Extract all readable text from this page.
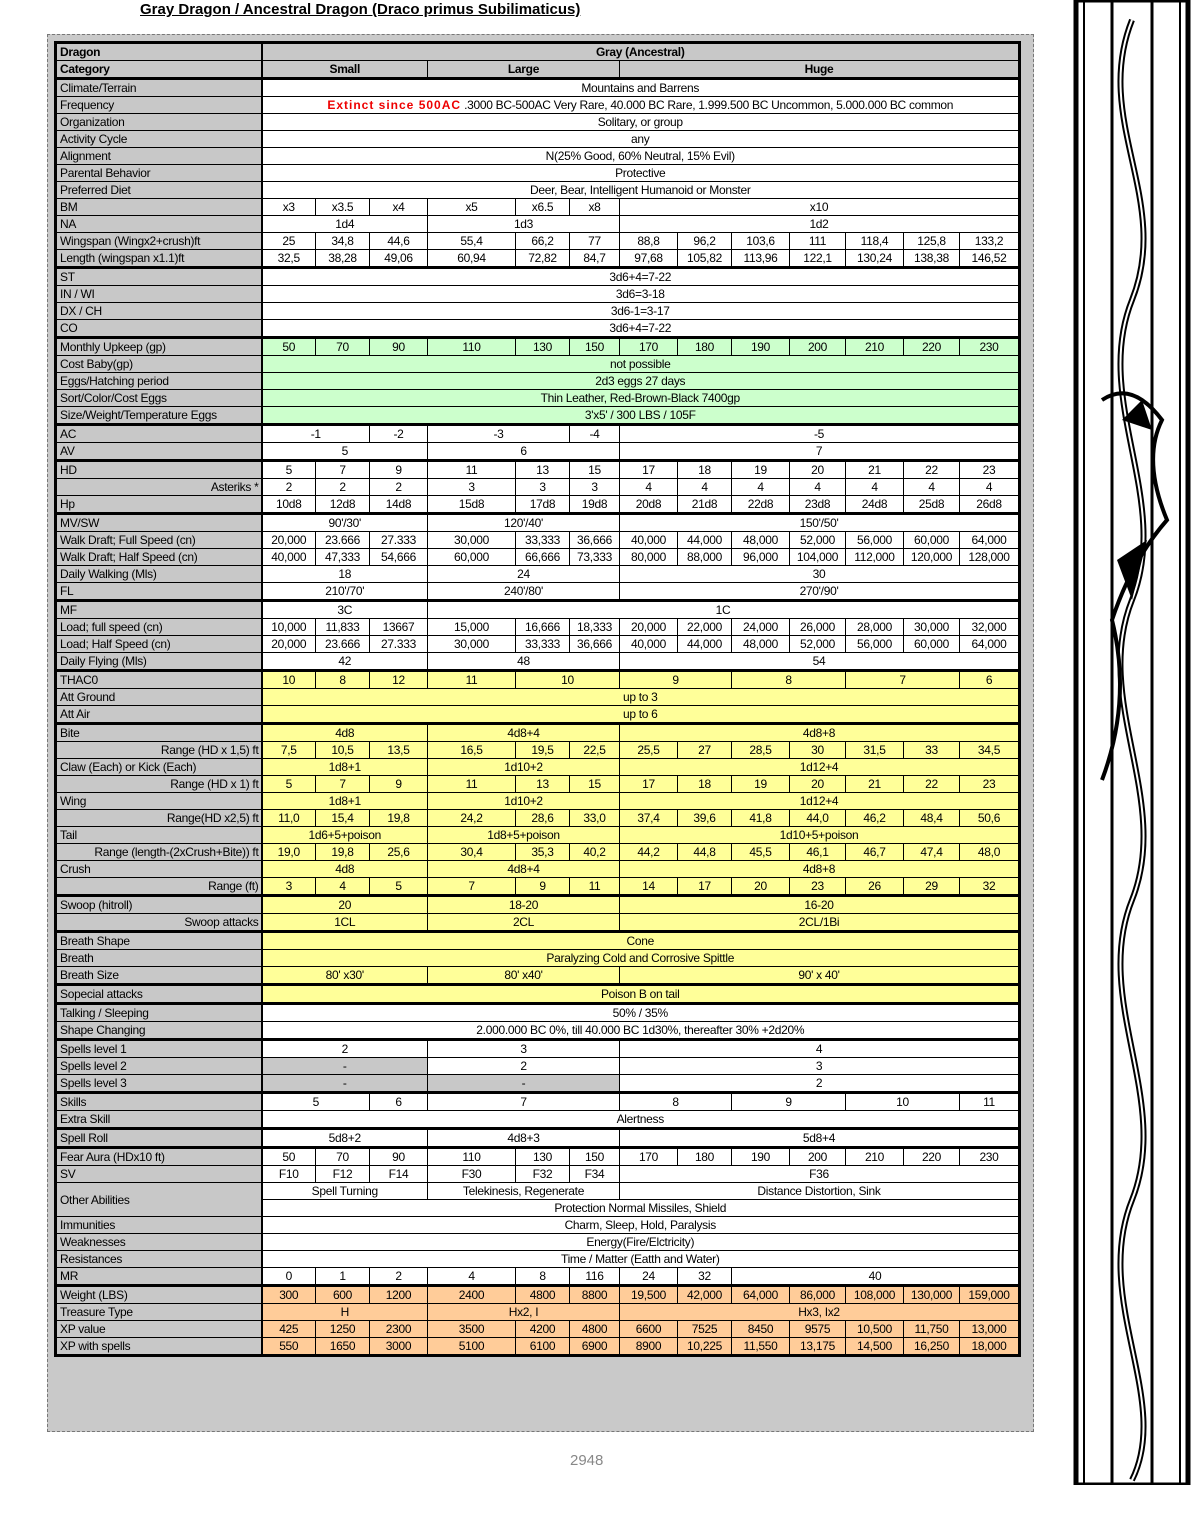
Gray Dragon / Ancestral Dragon (Draco primus Subilimaticus)
Dragon	Gray (Ancestral)												
Category	Small			Large			Huge						
Climate/Terrain	Mountains and Barrens												
Frequency	Extinct since 500AC .3000 BC-500AC Very Rare, 40.000 BC Rare, 1.999.500 BC Uncommon, 5.000.000 BC common												
Organization	Solitary, or group												
Activity Cycle	any												
Alignment	N(25% Good, 60% Neutral, 15% Evil)												
Parental Behavior	Protective												
Preferred Diet	Deer, Bear, Intelligent Humanoid or Monster												
BM	x3	x3.5	x4	x5	x6.5	x8	x10						
NA	1d4			1d3			1d2						
Wingspan (Wingx2+crush)ft	25	34,8	44,6	55,4	66,2	77	88,8	96,2	103,6	111	118,4	125,8	133,2
Length (wingspan x1.1)ft	32,5	38,28	49,06	60,94	72,82	84,7	97,68	105,82	113,96	122,1	130,24	138,38	146,52
ST	3d6+4=7-22												
IN / WI	3d6=3-18												
DX / CH	3d6-1=3-17												
CO	3d6+4=7-22												
Monthly Upkeep (gp)	50	70	90	110	130	150	170	180	190	200	210	220	230
Cost Baby(gp)	not possible												
Eggs/Hatching period	2d3 eggs 27 days												
Sort/Color/Cost Eggs	Thin Leather, Red-Brown-Black 7400gp												
Size/Weight/Temperature Eggs	3'x5' / 300 LBS / 105F												
AC	-1		-2	-3		-4	-5						
AV	5			6			7						
HD	5	7	9	11	13	15	17	18	19	20	21	22	23
Asteriks *	2	2	2	3	3	3	4	4	4	4	4	4	4
Hp	10d8	12d8	14d8	15d8	17d8	19d8	20d8	21d8	22d8	23d8	24d8	25d8	26d8
MV/SW	90'/30'			120'/40'			150'/50'						
Walk Draft; Full Speed (cn)	20,000	23.666	27.333	30,000	33,333	36,666	40,000	44,000	48,000	52,000	56,000	60,000	64,000
Walk Draft; Half Speed (cn)	40,000	47,333	54,666	60,000	66,666	73,333	80,000	88,000	96,000	104,000	112,000	120,000	128,000
Daily Walking (Mls)	18			24			30						
FL	210'/70'			240'/80'			270'/90'						
MF	3C			1C									
Load; full speed (cn)	10,000	11,833	13667	15,000	16,666	18,333	20,000	22,000	24,000	26,000	28,000	30,000	32,000
Load; Half Speed (cn)	20,000	23.666	27.333	30,000	33,333	36,666	40,000	44,000	48,000	52,000	56,000	60,000	64,000
Daily Flying (Mls)	42			48			54						
THAC0	10	8	12	11	10		9		8		7		6
Att Ground	up to 3												
Att Air	up to 6												
Bite	4d8			4d8+4			4d8+8						
Range (HD x 1,5) ft	7,5	10,5	13,5	16,5	19,5	22,5	25,5	27	28,5	30	31,5	33	34,5
Claw (Each) or Kick (Each)	1d8+1			1d10+2			1d12+4						
Range (HD x 1) ft	5	7	9	11	13	15	17	18	19	20	21	22	23
Wing	1d8+1			1d10+2			1d12+4						
Range(HD x2,5) ft	11,0	15,4	19,8	24,2	28,6	33,0	37,4	39,6	41,8	44,0	46,2	48,4	50,6
Tail	1d6+5+poison			1d8+5+poison			1d10+5+poison						
Range (length-(2xCrush+Bite)) ft	19,0	19,8	25,6	30,4	35,3	40,2	44,2	44,8	45,5	46,1	46,7	47,4	48,0
Crush	4d8			4d8+4			4d8+8						
Range (ft)	3	4	5	7	9	11	14	17	20	23	26	29	32
Swoop (hitroll)	20			18-20			16-20						
Swoop attacks	1CL			2CL			2CL/1Bi						
Breath Shape	Cone												
Breath	Paralyzing Cold and Corrosive Spittle												
Breath Size	80' x30'			80' x40'			90' x 40'						
Sopecial attacks	Poison B on tail												
Talking / Sleeping	50% / 35%												
Shape Changing	2.000.000 BC 0%, till 40.000 BC 1d30%, thereafter 30% +2d20%												
Spells level 1	2			3			4						
Spells level 2	-			2			3						
Spells level 3	-			-			2						
Skills	5		6	7			8		9		10		11
Extra Skill	Alertness												
Spell Roll	5d8+2			4d8+3			5d8+4						
Fear Aura (HDx10 ft)	50	70	90	110	130	150	170	180	190	200	210	220	230
SV	F10	F12	F14	F30	F32	F34	F36						
Other Abilities	Spell Turning			Telekinesis, Regenerate			Distance Distortion, Sink						
	Protection Normal Missiles, Shield												
Immunities	Charm, Sleep, Hold, Paralysis												
Weaknesses	Energy(Fire/Elctricity)												
Resistances	Time / Matter (Eatth and Water)												
MR	0	1	2	4	8	116	24	32	40				
Weight (LBS)	300	600	1200	2400	4800	8800	19,500	42,000	64,000	86,000	108,000	130,000	159,000
Treasure Type	H			Hx2, I			Hx3, Ix2						
XP value	425	1250	2300	3500	4200	4800	6600	7525	8450	9575	10,500	11,750	13,000
XP with spells	550	1650	3000	5100	6100	6900	8900	10,225	11,550	13,175	14,500	16,250	18,000
2948
